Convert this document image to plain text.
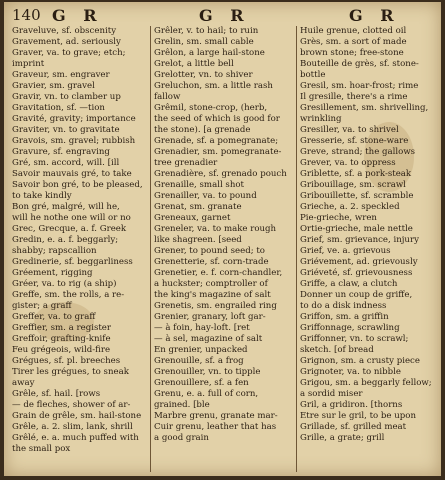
140 G R	G R	G R
Graveluve, sf. obscenity
Gravement, ad. seriously
Graver, va. to grave; etch;
imprint
Graveur, sm. engraver
Gravier, sm. gravel
Gravir, vn. to clamber up
Gravitation, sf. —tion
Gravité, gravity; importance
Graviter, vn. to gravitate
Gravois, sm. gravel; rubbish
Gravure, sf. engraving
Gré, sm. accord, will. [ill
Savoir mauvais gré, to take
Savoir bon gré, to be pleased,
to take kindly
Bon gré, malgré, will he,
will he nothe one will or no
Grec, Grecque, a. f. Greek
Gredin, e. a. f. beggarly;
shabby; rapscallion
Gredinerie, sf. beggarliness
Gréement, rigging
Gréer, va. to rig (a ship)
Greffe, sm. the rolls, a re-
gister; a graff
Greffer, va. to graff
Greffier, sm. a register
Greffoir, grafting-knife
Feu grégeois, wild-fire
Grégues, sf. pl. breeches
Tirer les grégues, to sneak
away
Grêle, sf. hail. [rows
— de fleches, shower of ar-
Grain de grêle, sm. hail-stone
Grêle, a. 2. slim, lank, shrill
Grêlé, e. a. much puffed with
the small pox
Grêler, v. to hail; to ruin
Grelin, sm. small cable
Grêlon, a large hail-stone
Grelot, a little bell
Grelotter, vn. to shiver
Greluchon, sm. a little rash
fallow
Grêmil, stone-crop, (herb,
the seed of which is good for
the stone). [a grenade
Grenade, sf. a pomegranate;
Grenadier, sm. pomegranate-
tree grenadier
Grenadière, sf. grenado pouch
Grenaille, small shot
Grenailler, va. to pound
Grenat, sm. granate
Greneaux, garnet
Greneler, va. to make rough
like shagreen. [seed
Grener, to pound seed; to
Grenetterie, sf. corn-trade
Grenetier, e. f. corn-chandler,
a huckster; comptroller of
the king's magazine of salt
Grenetis, sm. engrailed ring
Grenier, granary, loft gar-
— à foin, hay-loft. [ret
— à sel, magazine of salt
En grenier, unpacked
Grenouille, sf. a frog
Grenouiller, vn. to tipple
Grenouillere, sf. a fen
Grenu, e. a. full of corn,
grained. [ble
Marbre grenu, granate mar-
Cuir grenu, leather that has
a good grain
Huile grenue, clotted oil
Grès, sm. a sort of made
brown stone; free-stone
Bouteille de grès, sf. stone-
bottle
Gresil, sm. hoar-frost; rime
Il gresille, there's a rime
Gresillement, sm. shrivelling,
wrinkling
Gresiller, va. to shrivel
Gresserie, sf. stone-ware
Greve, strand; the gallows
Grever, va. to oppress
Griblette, sf. a pork-steak
Gribouillage, sm. scrawl
Gribouillette, sf. scramble
Grieche, a. 2. speckled
Pie-grieche, wren
Ortie-grieche, male nettle
Grief, sm. grievance, injury
Grief, ve. a. grievous
Griévement, ad. grievously
Griéveté, sf. grievousness
Griffe, a claw, a clutch
Donner un coup de griffe,
to do a disk indness
Griffon, sm. a griffin
Griffonnage, scrawling
Griffonner, vn. to scrawl;
sketch. [of bread
Grignon, sm. a crusty piece
Grignoter, va. to nibble
Grigou, sm. a beggarly fellow;
a sordid miser
Gril, a gridiron. [thorns
Etre sur le gril, to be upon
Grillade, sf. grilled meat
Grille, a grate; grill
